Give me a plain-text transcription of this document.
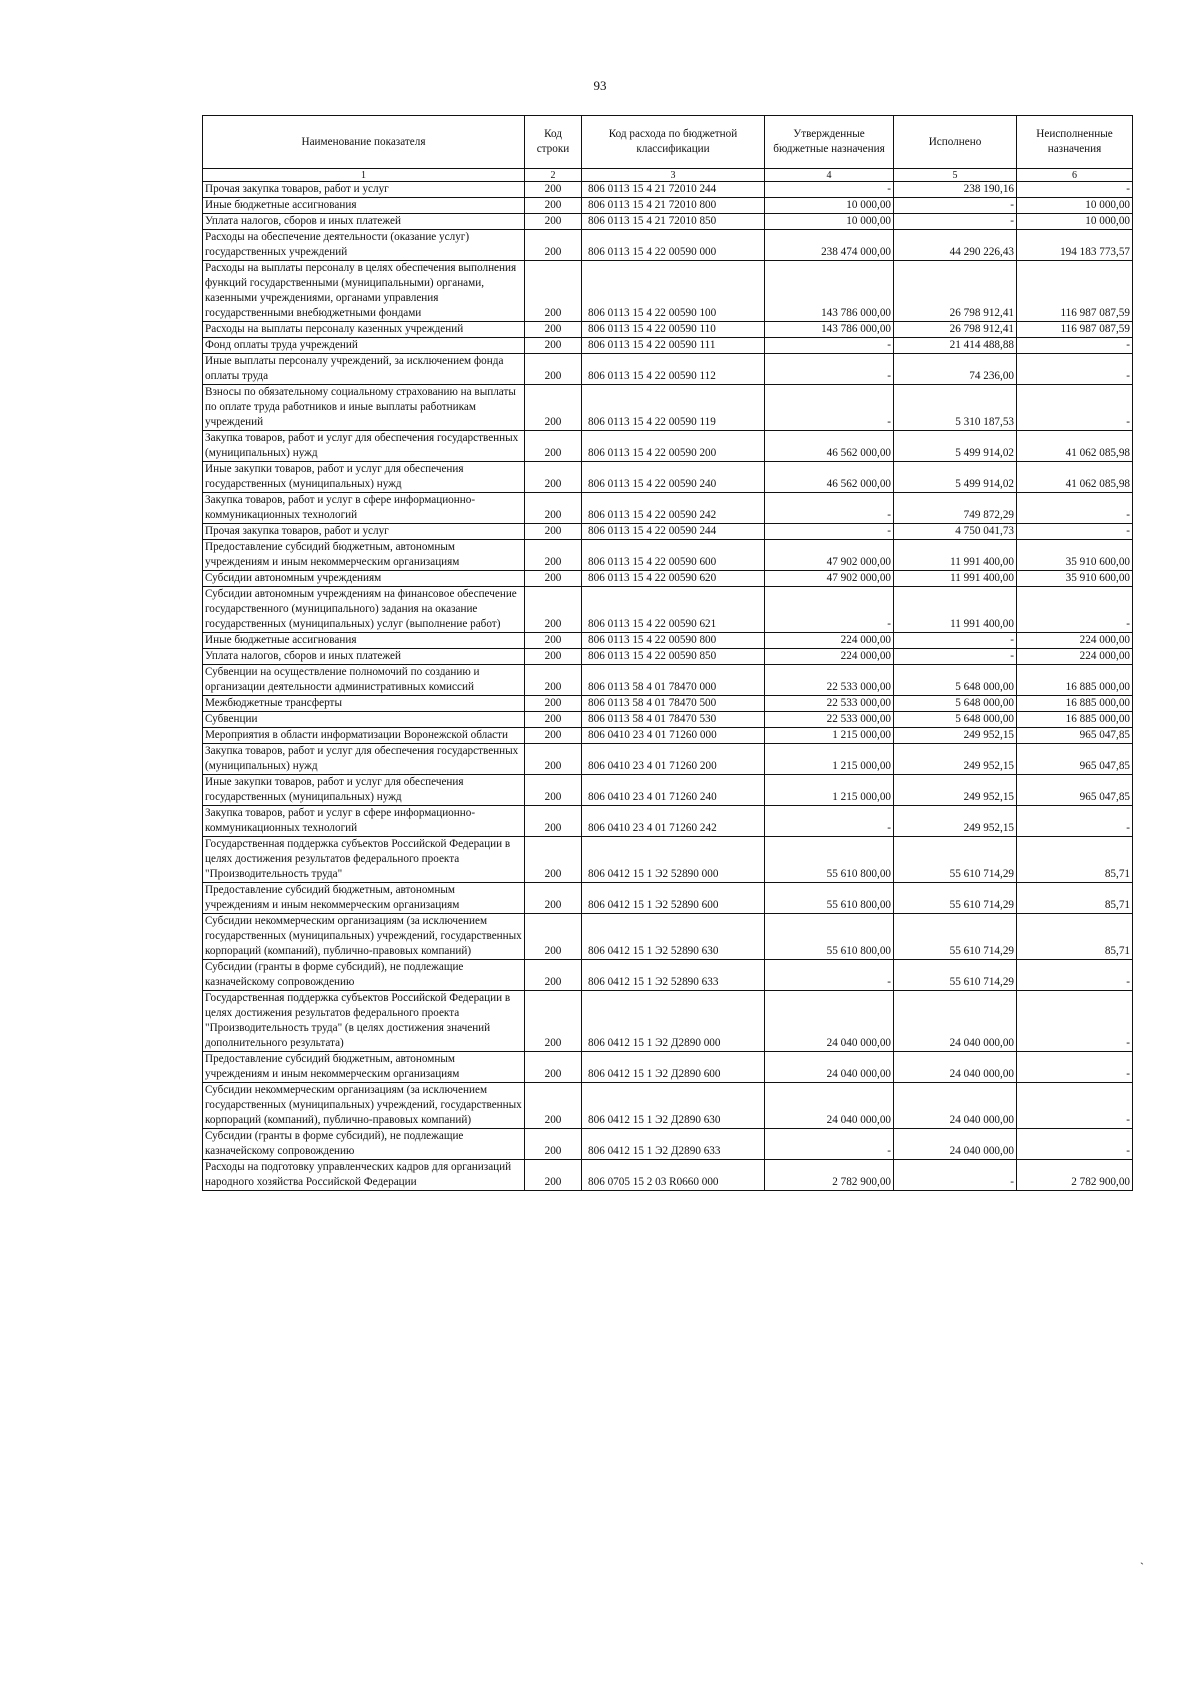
93
Наименование показателя	Код строки	Код расхода по бюджетной классификации	Утвержденные бюджетные назначения	Исполнено	Неисполненные назначения
1	2	3	4	5	6
Прочая закупка товаров, работ и услуг	200	806 0113 15 4 21 72010 244	-	238 190,16	-
Иные бюджетные ассигнования	200	806 0113 15 4 21 72010 800	10 000,00	-	10 000,00
Уплата налогов, сборов и иных платежей	200	806 0113 15 4 21 72010 850	10 000,00	-	10 000,00
Расходы на обеспечение деятельности (оказание услуг) государственных учреждений	200	806 0113 15 4 22 00590 000	238 474 000,00	44 290 226,43	194 183 773,57
Расходы на выплаты персоналу в целях обеспечения выполнения функций государственными (муниципальными) органами, казенными учреждениями, органами управления государственными внебюджетными фондами	200	806 0113 15 4 22 00590 100	143 786 000,00	26 798 912,41	116 987 087,59
Расходы на выплаты персоналу казенных учреждений	200	806 0113 15 4 22 00590 110	143 786 000,00	26 798 912,41	116 987 087,59
Фонд оплаты труда учреждений	200	806 0113 15 4 22 00590 111	-	21 414 488,88	-
Иные выплаты персоналу учреждений, за исключением фонда оплаты труда	200	806 0113 15 4 22 00590 112	-	74 236,00	-
Взносы по обязательному социальному страхованию на выплаты по оплате труда работников и иные выплаты работникам учреждений	200	806 0113 15 4 22 00590 119	-	5 310 187,53	-
Закупка товаров, работ и услуг для обеспечения государственных (муниципальных) нужд	200	806 0113 15 4 22 00590 200	46 562 000,00	5 499 914,02	41 062 085,98
Иные закупки товаров, работ и услуг для обеспечения государственных (муниципальных) нужд	200	806 0113 15 4 22 00590 240	46 562 000,00	5 499 914,02	41 062 085,98
Закупка товаров, работ и услуг в сфере информационно-коммуникационных технологий	200	806 0113 15 4 22 00590 242	-	749 872,29	-
Прочая закупка товаров, работ и услуг	200	806 0113 15 4 22 00590 244	-	4 750 041,73	-
Предоставление субсидий бюджетным, автономным учреждениям и иным некоммерческим организациям	200	806 0113 15 4 22 00590 600	47 902 000,00	11 991 400,00	35 910 600,00
Субсидии автономным учреждениям	200	806 0113 15 4 22 00590 620	47 902 000,00	11 991 400,00	35 910 600,00
Субсидии автономным учреждениям на финансовое обеспечение государственного (муниципального) задания на оказание государственных (муниципальных) услуг (выполнение работ)	200	806 0113 15 4 22 00590 621	-	11 991 400,00	-
Иные бюджетные ассигнования	200	806 0113 15 4 22 00590 800	224 000,00	-	224 000,00
Уплата налогов, сборов и иных платежей	200	806 0113 15 4 22 00590 850	224 000,00	-	224 000,00
Субвенции на осуществление полномочий по созданию и организации деятельности административных комиссий	200	806 0113 58 4 01 78470 000	22 533 000,00	5 648 000,00	16 885 000,00
Межбюджетные трансферты	200	806 0113 58 4 01 78470 500	22 533 000,00	5 648 000,00	16 885 000,00
Субвенции	200	806 0113 58 4 01 78470 530	22 533 000,00	5 648 000,00	16 885 000,00
Мероприятия в области информатизации Воронежской области	200	806 0410 23 4 01 71260 000	1 215 000,00	249 952,15	965 047,85
Закупка товаров, работ и услуг для обеспечения государственных (муниципальных) нужд	200	806 0410 23 4 01 71260 200	1 215 000,00	249 952,15	965 047,85
Иные закупки товаров, работ и услуг для обеспечения государственных (муниципальных) нужд	200	806 0410 23 4 01 71260 240	1 215 000,00	249 952,15	965 047,85
Закупка товаров, работ и услуг в сфере информационно-коммуникационных технологий	200	806 0410 23 4 01 71260 242	-	249 952,15	-
Государственная поддержка субъектов Российской Федерации в целях достижения результатов федерального проекта "Производительность труда"	200	806 0412 15 1 Э2 52890 000	55 610 800,00	55 610 714,29	85,71
Предоставление субсидий бюджетным, автономным учреждениям и иным некоммерческим организациям	200	806 0412 15 1 Э2 52890 600	55 610 800,00	55 610 714,29	85,71
Субсидии некоммерческим организациям (за исключением государственных (муниципальных) учреждений, государственных корпораций (компаний), публично-правовых компаний)	200	806 0412 15 1 Э2 52890 630	55 610 800,00	55 610 714,29	85,71
Субсидии (гранты в форме субсидий), не подлежащие казначейскому сопровождению	200	806 0412 15 1 Э2 52890 633	-	55 610 714,29	-
Государственная поддержка субъектов Российской Федерации в целях достижения результатов федерального проекта "Производительность труда" (в целях достижения значений дополнительного результата)	200	806 0412 15 1 Э2 Д2890 000	24 040 000,00	24 040 000,00	-
Предоставление субсидий бюджетным, автономным учреждениям и иным некоммерческим организациям	200	806 0412 15 1 Э2 Д2890 600	24 040 000,00	24 040 000,00	-
Субсидии некоммерческим организациям (за исключением государственных (муниципальных) учреждений, государственных корпораций (компаний), публично-правовых компаний)	200	806 0412 15 1 Э2 Д2890 630	24 040 000,00	24 040 000,00	-
Субсидии (гранты в форме субсидий), не подлежащие казначейскому сопровождению	200	806 0412 15 1 Э2 Д2890 633	-	24 040 000,00	-
Расходы на подготовку управленческих кадров для организаций народного хозяйства Российской Федерации	200	806 0705 15 2 03 R0660 000	2 782 900,00	-	2 782 900,00
`
